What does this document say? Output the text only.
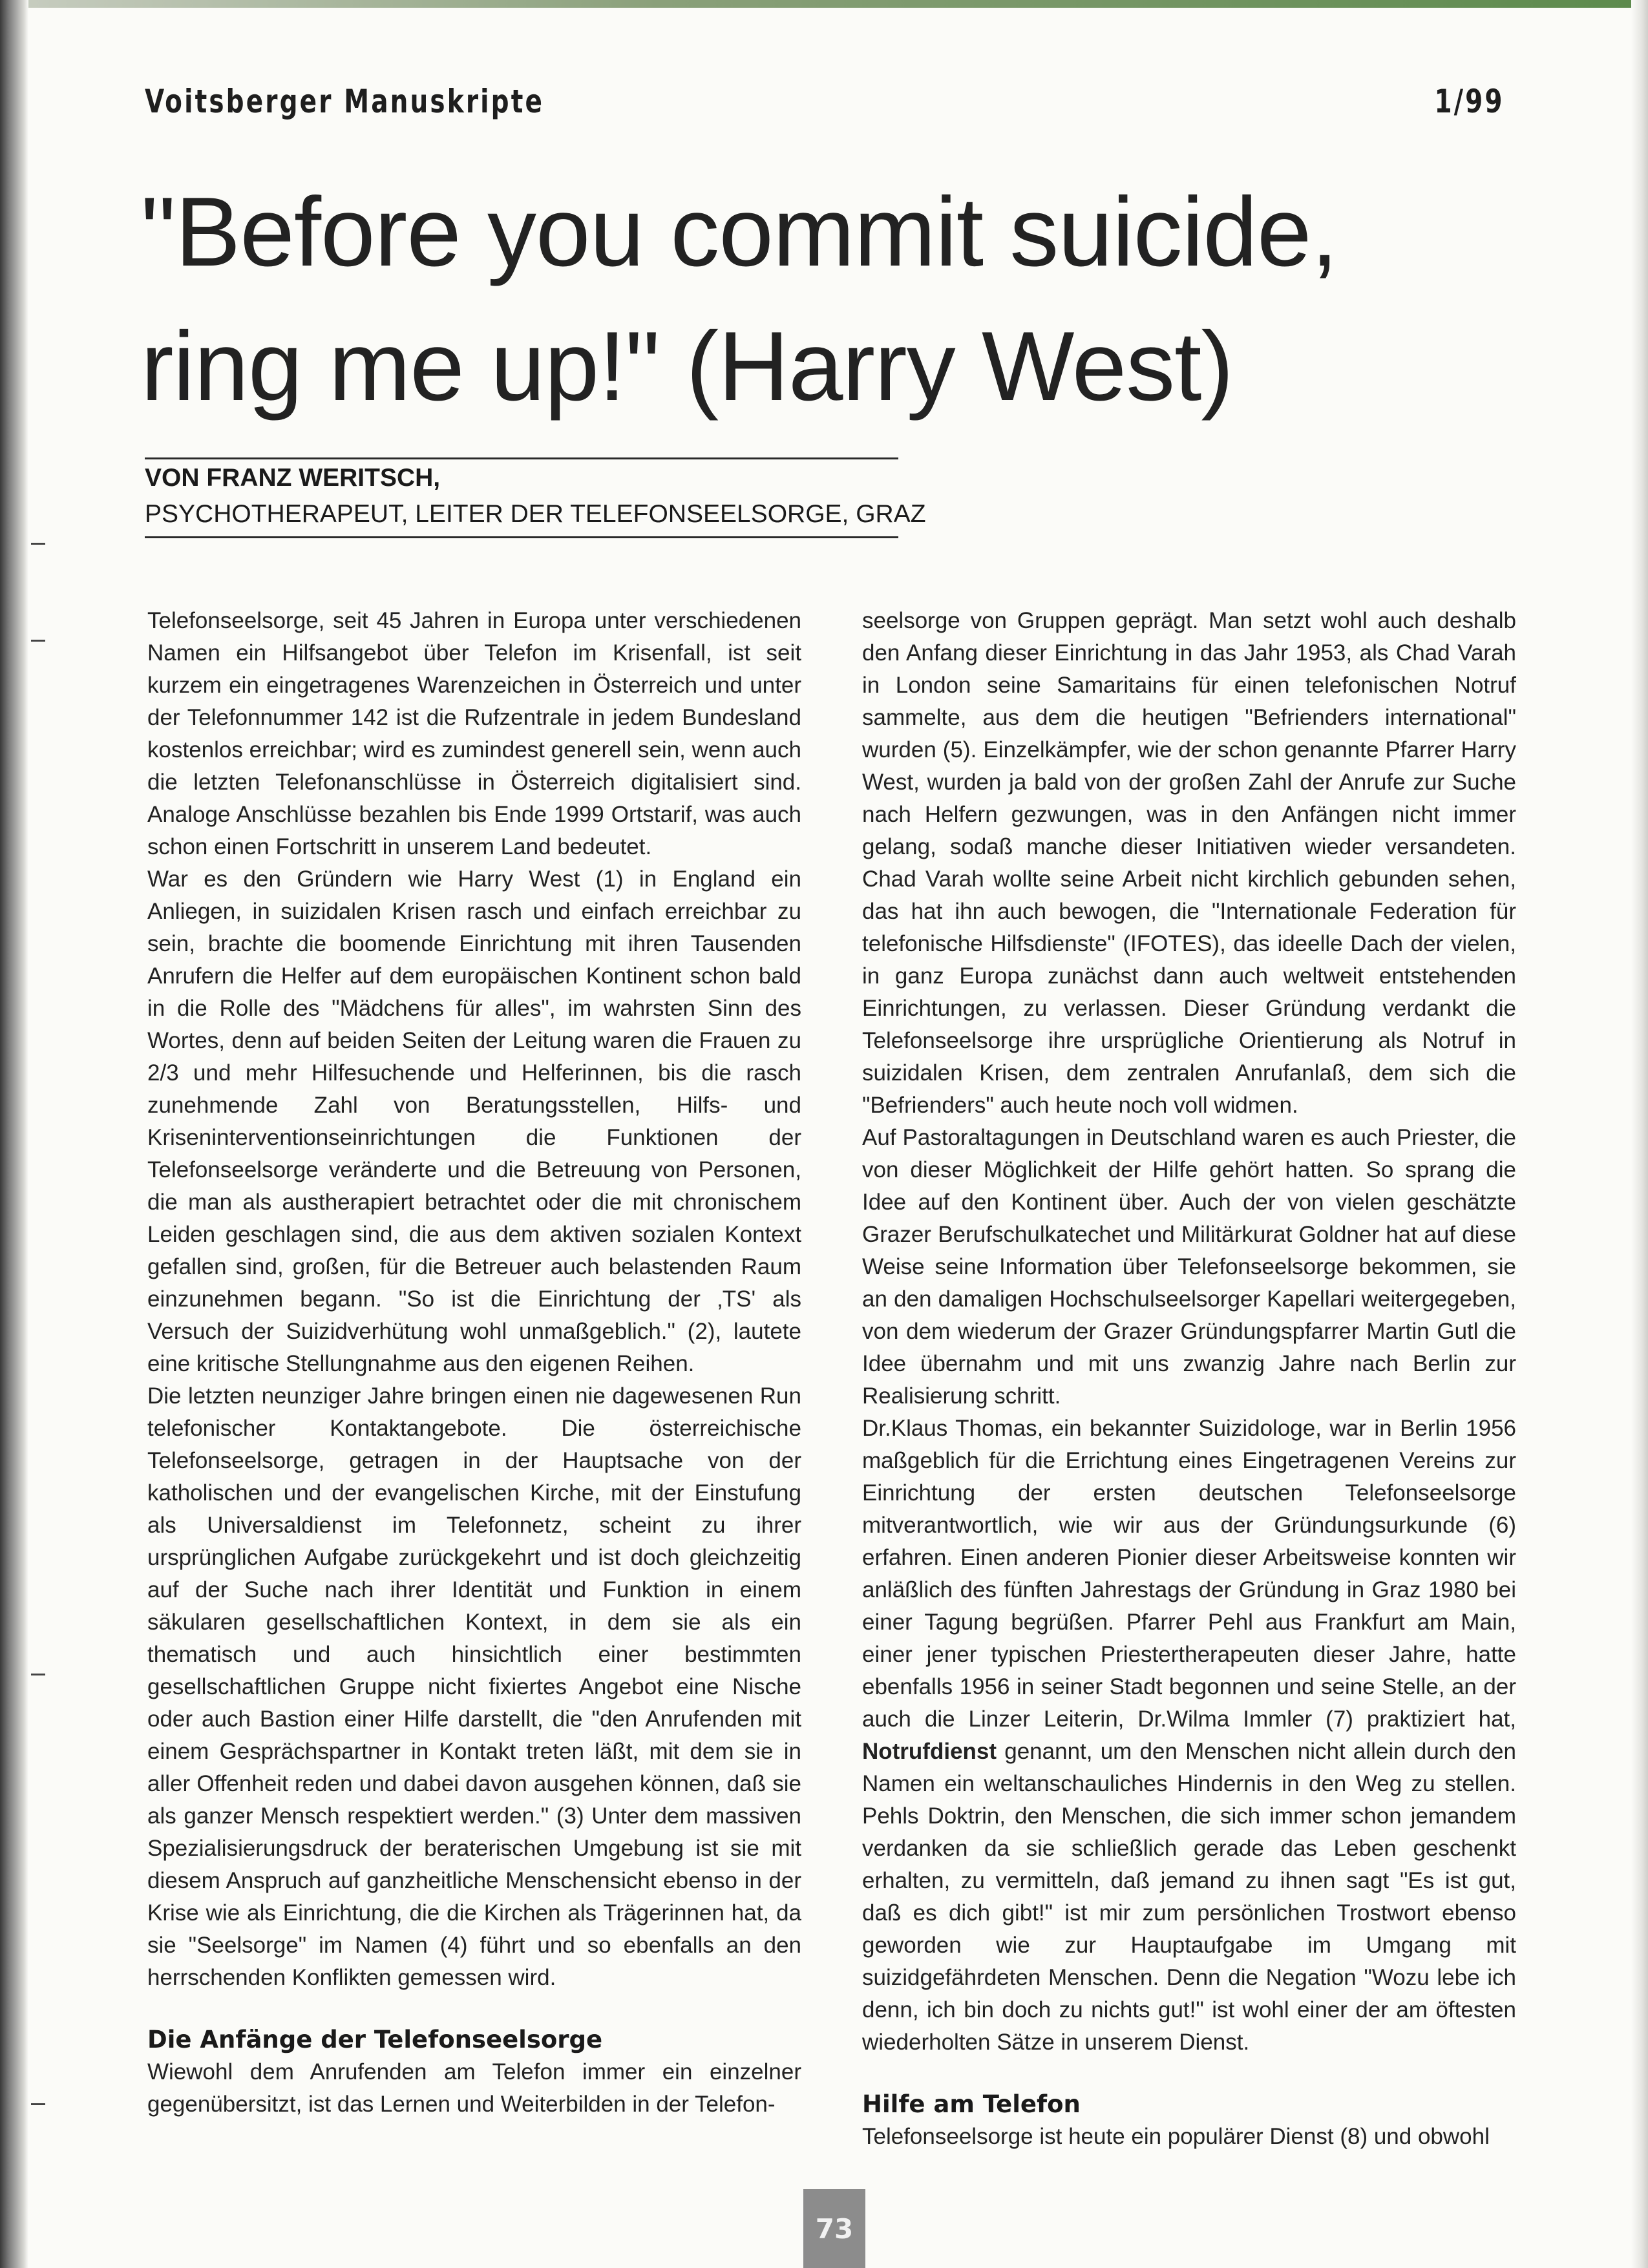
Voitsberger Manuskripte	1/99
"Before you commit suicide,
ring me up!" (Harry West)
VON FRANZ WERITSCH,
PSYCHOTHERAPEUT, LEITER DER TELEFONSEELSORGE, GRAZ

Telefonseelsorge, seit 45 Jahren in Europa unter verschiedenen Namen ein Hilfsangebot über Telefon im Krisenfall, ist seit kurzem ein eingetragenes Warenzeichen in Österreich und unter der Telefonnummer 142 ist die Rufzentrale in jedem Bundesland kostenlos erreichbar; wird es zumindest generell sein, wenn auch die letzten Telefonanschlüsse in Österreich digitalisiert sind. Analoge Anschlüsse bezahlen bis Ende 1999 Ortstarif, was auch schon einen Fortschritt in unserem Land bedeutet.

War es den Gründern wie Harry West (1) in England ein Anliegen, in suizidalen Krisen rasch und einfach erreichbar zu sein, brachte die boomende Einrichtung mit ihren Tausenden Anrufern die Helfer auf dem europäischen Kontinent schon bald in die Rolle des "Mädchens für alles", im wahrsten Sinn des Wortes, denn auf beiden Seiten der Leitung waren die Frauen zu 2/3 und mehr Hilfesuchende und Helferinnen, bis die rasch zunehmende Zahl von Beratungsstellen, Hilfs- und Kriseninterventionseinrichtungen die Funktionen der Telefonseelsorge veränderte und die Betreuung von Personen, die man als austherapiert betrachtet oder die mit chronischem Leiden geschlagen sind, die aus dem aktiven sozialen Kontext gefallen sind, großen, für die Betreuer auch belastenden Raum einzunehmen begann. "So ist die Einrichtung der ‚TS' als Versuch der Suizidverhütung wohl unmaßgeblich." (2), lautete eine kritische Stellungnahme aus den eigenen Reihen.

Die letzten neunziger Jahre bringen einen nie dagewesenen Run telefonischer Kontaktangebote. Die österreichische Telefonseelsorge, getragen in der Hauptsache von der katholischen und der evangelischen Kirche, mit der Einstufung als Universaldienst im Telefonnetz, scheint zu ihrer ursprünglichen Aufgabe zurückgekehrt und ist doch gleichzeitig auf der Suche nach ihrer Identität und Funktion in einem säkularen gesellschaftlichen Kontext, in dem sie als ein thematisch und auch hinsichtlich einer bestimmten gesellschaftlichen Gruppe nicht fixiertes Angebot eine Nische oder auch Bastion einer Hilfe darstellt, die "den Anrufenden mit einem Gesprächspartner in Kontakt treten läßt, mit dem sie in aller Offenheit reden und dabei davon ausgehen können, daß sie als ganzer Mensch respektiert werden." (3) Unter dem massiven Spezialisierungsdruck der beraterischen Umgebung ist sie mit diesem Anspruch auf ganzheitliche Menschensicht ebenso in der Krise wie als Einrichtung, die die Kirchen als Trägerinnen hat, da sie "Seelsorge" im Namen (4) führt und so ebenfalls an den herrschenden Konflikten gemessen wird.

Die Anfänge der Telefonseelsorge

Wiewohl dem Anrufenden am Telefon immer ein einzelner gegenübersitzt, ist das Lernen und Weiterbilden in der Telefon-

seelsorge von Gruppen geprägt. Man setzt wohl auch deshalb den Anfang dieser Einrichtung in das Jahr 1953, als Chad Varah in London seine Samaritains für einen telefonischen Notruf sammelte, aus dem die heutigen "Befrienders international" wurden (5). Einzelkämpfer, wie der schon genannte Pfarrer Harry West, wurden ja bald von der großen Zahl der Anrufe zur Suche nach Helfern gezwungen, was in den Anfängen nicht immer gelang, sodaß manche dieser Initiativen wieder versandeten. Chad Varah wollte seine Arbeit nicht kirchlich gebunden sehen, das hat ihn auch bewogen, die "Internationale Federation für telefonische Hilfsdienste" (IFOTES), das ideelle Dach der vielen, in ganz Europa zunächst dann auch weltweit entstehenden Einrichtungen, zu verlassen. Dieser Gründung verdankt die Telefonseelsorge ihre ursprügliche Orientierung als Notruf in suizidalen Krisen, dem zentralen Anrufanlaß, dem sich die "Befrienders" auch heute noch voll widmen.

Auf Pastoraltagungen in Deutschland waren es auch Priester, die von dieser Möglichkeit der Hilfe gehört hatten. So sprang die Idee auf den Kontinent über. Auch der von vielen geschätzte Grazer Berufschulkatechet und Militärkurat Goldner hat auf diese Weise seine Information über Telefonseelsorge bekommen, sie an den damaligen Hochschulseelsorger Kapellari weitergegeben, von dem wiederum der Grazer Gründungspfarrer Martin Gutl die Idee übernahm und mit uns zwanzig Jahre nach Berlin zur Realisierung schritt.

Dr.Klaus Thomas, ein bekannter Suizidologe, war in Berlin 1956 maßgeblich für die Errichtung eines Eingetragenen Vereins zur Einrichtung der ersten deutschen Telefonseelsorge mitverantwortlich, wie wir aus der Gründungsurkunde (6) erfahren. Einen anderen Pionier dieser Arbeitsweise konnten wir anläßlich des fünften Jahrestags der Gründung in Graz 1980 bei einer Tagung begrüßen. Pfarrer Pehl aus Frankfurt am Main, einer jener typischen Priestertherapeuten dieser Jahre, hatte ebenfalls 1956 in seiner Stadt begonnen und seine Stelle, an der auch die Linzer Leiterin, Dr.Wilma Immler (7) praktiziert hat, Notrufdienst genannt, um den Menschen nicht allein durch den Namen ein weltanschauliches Hindernis in den Weg zu stellen. Pehls Doktrin, den Menschen, die sich immer schon jemandem verdanken da sie schließlich gerade das Leben geschenkt erhalten, zu vermitteln, daß jemand zu ihnen sagt "Es ist gut, daß es dich gibt!" ist mir zum persönlichen Trostwort ebenso geworden wie zur Hauptaufgabe im Umgang mit suizidgefährdeten Menschen. Denn die Negation "Wozu lebe ich denn, ich bin doch zu nichts gut!" ist wohl einer der am öftesten wiederholten Sätze in unserem Dienst.

Hilfe am Telefon

Telefonseelsorge ist heute ein populärer Dienst (8) und obwohl

73
